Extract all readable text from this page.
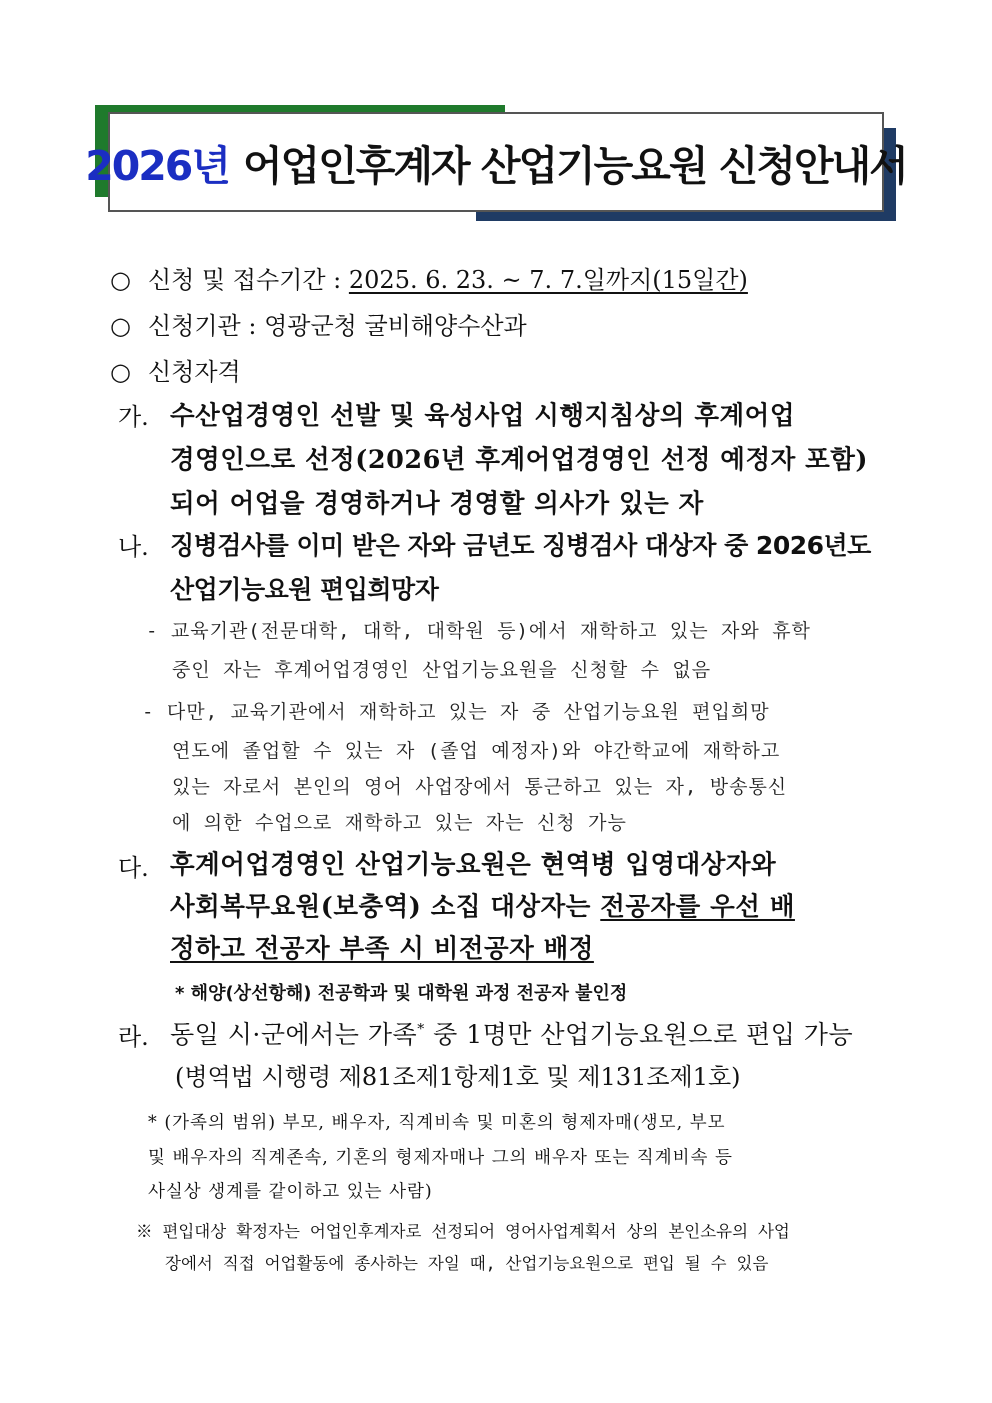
2026년 어업인후계자 산업기능요원 신청안내서
○ 신청 및 접수기간 : 2025. 6. 23. ~ 7. 7.일까지(15일간)
○ 신청기관 : 영광군청 굴비해양수산과
○ 신청자격
가. 수산업경영인 선발 및 육성사업 시행지침상의 후계어업
경영인으로 선정(2026년 후계어업경영인 선정 예정자 포함)
되어 어업을 경영하거나 경영할 의사가 있는 자
나. 징병검사를 이미 받은 자와 금년도 징병검사 대상자 중 2026년도
산업기능요원 편입희망자
- 교육기관(전문대학, 대학, 대학원 등)에서 재학하고 있는 자와 휴학
중인 자는 후계어업경영인 산업기능요원을 신청할 수 없음
- 다만, 교육기관에서 재학하고 있는 자 중 산업기능요원 편입희망
연도에 졸업할 수 있는 자 (졸업 예정자)와 야간학교에 재학하고
있는 자로서 본인의 영어 사업장에서 통근하고 있는 자, 방송통신
에 의한 수업으로 재학하고 있는 자는 신청 가능
다. 후계어업경영인 산업기능요원은 현역병 입영대상자와
사회복무요원(보충역) 소집 대상자는 전공자를 우선 배
정하고 전공자 부족 시 비전공자 배정
* 해양(상선항해) 전공학과 및 대학원 과정 전공자 불인정
라. 동일 시·군에서는 가족* 중 1명만 산업기능요원으로 편입 가능
(병역법 시행령 제81조제1항제1호 및 제131조제1호)
* (가족의 범위) 부모, 배우자, 직계비속 및 미혼의 형제자매(생모, 부모
및 배우자의 직계존속, 기혼의 형제자매나 그의 배우자 또는 직계비속 등
사실상 생계를 같이하고 있는 사람)
※ 편입대상 확정자는 어업인후계자로 선정되어 영어사업계획서 상의 본인소유의 사업
장에서 직접 어업활동에 종사하는 자일 때, 산업기능요원으로 편입 될 수 있음
